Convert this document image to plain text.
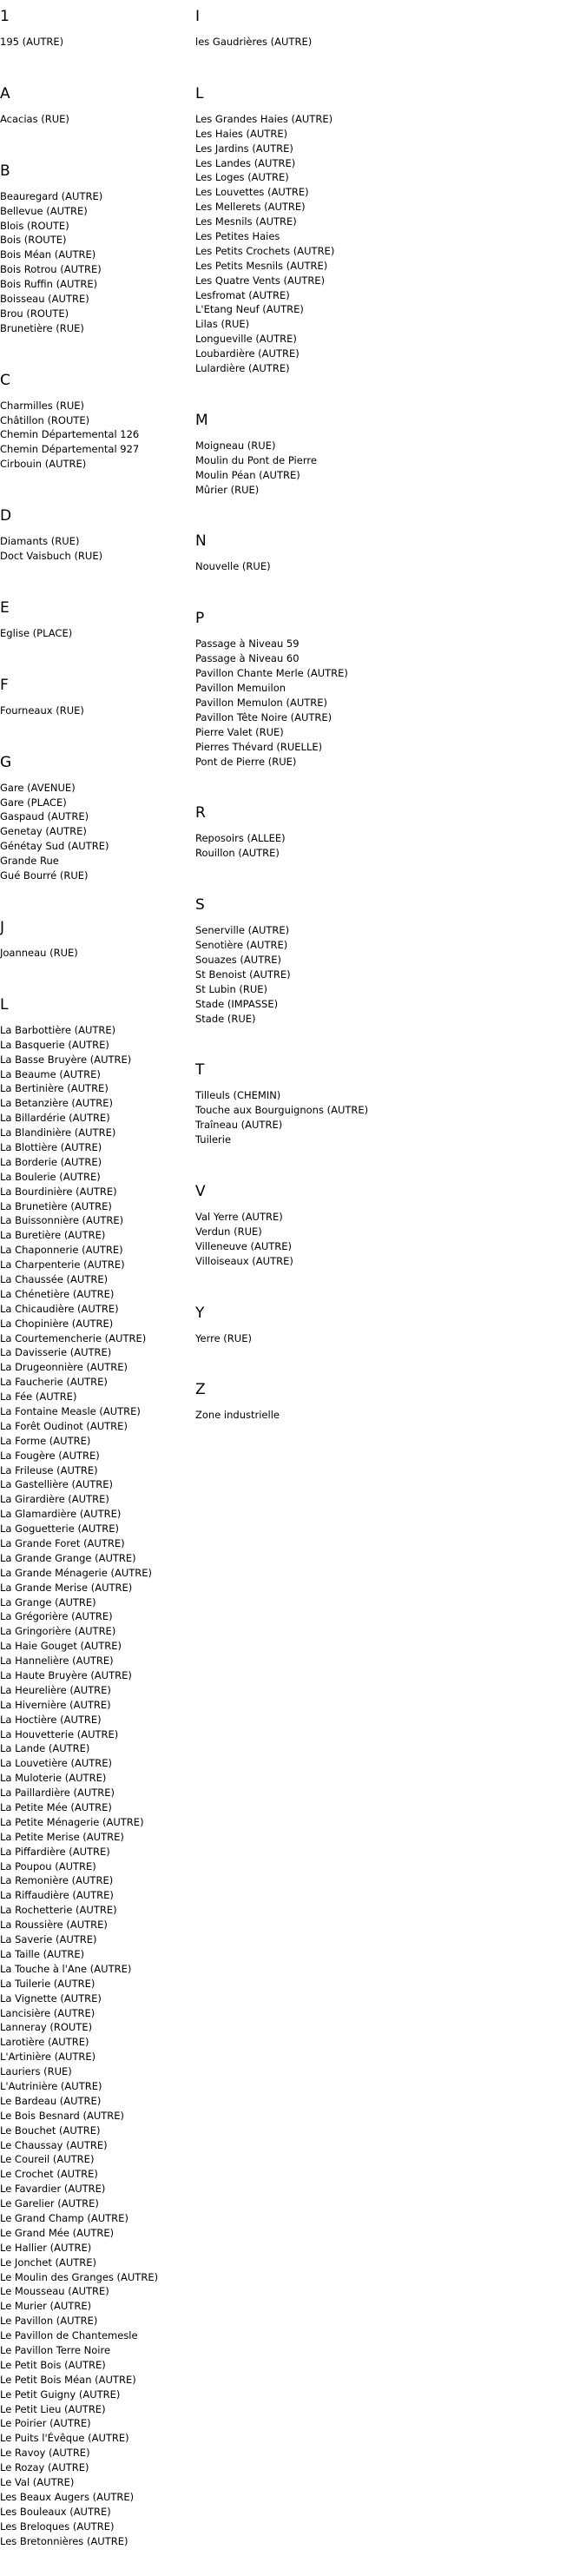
1
195 (AUTRE)
A
Acacias (RUE)
B
Beauregard (AUTRE)
Bellevue (AUTRE)
Blois (ROUTE)
Bois (ROUTE)
Bois Méan (AUTRE)
Bois Rotrou (AUTRE)
Bois Ruffin (AUTRE)
Boisseau (AUTRE)
Brou (ROUTE)
Brunetière (RUE)
C
Charmilles (RUE)
Châtillon (ROUTE)
Chemin Départemental 126
Chemin Départemental 927
Cirbouin (AUTRE)
D
Diamants (RUE)
Doct Vaisbuch (RUE)
E
Eglise (PLACE)
F
Fourneaux (RUE)
G
Gare (AVENUE)
Gare (PLACE)
Gaspaud (AUTRE)
Genetay (AUTRE)
Génétay Sud (AUTRE)
Grande Rue
Gué Bourré (RUE)
J
Joanneau (RUE)
L
La Barbottière (AUTRE)
La Basquerie (AUTRE)
La Basse Bruyère (AUTRE)
La Beaume (AUTRE)
La Bertinière (AUTRE)
La Betanzière (AUTRE)
La Billardérie (AUTRE)
La Blandinière (AUTRE)
La Blottière (AUTRE)
La Borderie (AUTRE)
La Boulerie (AUTRE)
La Bourdinière (AUTRE)
La Brunetière (AUTRE)
La Buissonnière (AUTRE)
La Buretière (AUTRE)
La Chaponnerie (AUTRE)
La Charpenterie (AUTRE)
La Chaussée (AUTRE)
La Chénetière (AUTRE)
La Chicaudière (AUTRE)
La Chopinière (AUTRE)
La Courtemencherie (AUTRE)
La Davisserie (AUTRE)
La Drugeonnière (AUTRE)
La Faucherie (AUTRE)
La Fée (AUTRE)
La Fontaine Measle (AUTRE)
La Forêt Oudinot (AUTRE)
La Forme (AUTRE)
La Fougère (AUTRE)
La Frileuse (AUTRE)
La Gastellière (AUTRE)
La Girardière (AUTRE)
La Glamardière (AUTRE)
La Goguetterie (AUTRE)
La Grande Foret (AUTRE)
La Grande Grange (AUTRE)
La Grande Ménagerie (AUTRE)
La Grande Merise (AUTRE)
La Grange (AUTRE)
La Grégorière (AUTRE)
La Gringorière (AUTRE)
La Haie Gouget (AUTRE)
La Hannelière (AUTRE)
La Haute Bruyère (AUTRE)
La Heurelière (AUTRE)
La Hivernière (AUTRE)
La Hoctière (AUTRE)
La Houvetterie (AUTRE)
La Lande (AUTRE)
La Louvetière (AUTRE)
La Muloterie (AUTRE)
La Paillardière (AUTRE)
La Petite Mée (AUTRE)
La Petite Ménagerie (AUTRE)
La Petite Merise (AUTRE)
La Piffardière (AUTRE)
La Poupou (AUTRE)
La Remonière (AUTRE)
La Riffaudière (AUTRE)
La Rochetterie (AUTRE)
La Roussière (AUTRE)
La Saverie (AUTRE)
La Taille (AUTRE)
La Touche à l'Ane (AUTRE)
La Tuilerie (AUTRE)
La Vignette (AUTRE)
Lancisière (AUTRE)
Lanneray (ROUTE)
Larotière (AUTRE)
L'Artinière (AUTRE)
Lauriers (RUE)
L'Autrinière (AUTRE)
Le Bardeau (AUTRE)
Le Bois Besnard (AUTRE)
Le Bouchet (AUTRE)
Le Chaussay (AUTRE)
Le Coureil (AUTRE)
Le Crochet (AUTRE)
Le Favardier (AUTRE)
Le Garelier (AUTRE)
Le Grand Champ (AUTRE)
Le Grand Mée (AUTRE)
Le Hallier (AUTRE)
Le Jonchet (AUTRE)
Le Moulin des Granges (AUTRE)
Le Mousseau (AUTRE)
Le Murier (AUTRE)
Le Pavillon (AUTRE)
Le Pavillon de Chantemesle
Le Pavillon Terre Noire
Le Petit Bois (AUTRE)
Le Petit Bois Méan (AUTRE)
Le Petit Guigny (AUTRE)
Le Petit Lieu (AUTRE)
Le Poirier (AUTRE)
Le Puits l'Évêque (AUTRE)
Le Ravoy (AUTRE)
Le Rozay (AUTRE)
Le Val (AUTRE)
Les Beaux Augers (AUTRE)
Les Bouleaux (AUTRE)
Les Breloques (AUTRE)
Les Bretonnières (AUTRE)
I
les Gaudrières (AUTRE)
L
Les Grandes Haies (AUTRE)
Les Haies (AUTRE)
Les Jardins (AUTRE)
Les Landes (AUTRE)
Les Loges (AUTRE)
Les Louvettes (AUTRE)
Les Mellerets (AUTRE)
Les Mesnils (AUTRE)
Les Petites Haies
Les Petits Crochets (AUTRE)
Les Petits Mesnils (AUTRE)
Les Quatre Vents (AUTRE)
Lesfromat (AUTRE)
L'Etang Neuf (AUTRE)
Lilas (RUE)
Longueville (AUTRE)
Loubardière (AUTRE)
Lulardière (AUTRE)
M
Moigneau (RUE)
Moulin du Pont de Pierre
Moulin Péan (AUTRE)
Mûrier (RUE)
N
Nouvelle (RUE)
P
Passage à Niveau 59
Passage à Niveau 60
Pavillon Chante Merle (AUTRE)
Pavillon Memuilon
Pavillon Memulon (AUTRE)
Pavillon Tête Noire (AUTRE)
Pierre Valet (RUE)
Pierres Thévard (RUELLE)
Pont de Pierre (RUE)
R
Reposoirs (ALLEE)
Rouillon (AUTRE)
S
Senerville (AUTRE)
Senotière (AUTRE)
Souazes (AUTRE)
St Benoist (AUTRE)
St Lubin (RUE)
Stade (IMPASSE)
Stade (RUE)
T
Tilleuls (CHEMIN)
Touche aux Bourguignons (AUTRE)
Traîneau (AUTRE)
Tuilerie
V
Val Yerre (AUTRE)
Verdun (RUE)
Villeneuve (AUTRE)
Villoiseaux (AUTRE)
Y
Yerre (RUE)
Z
Zone industrielle
